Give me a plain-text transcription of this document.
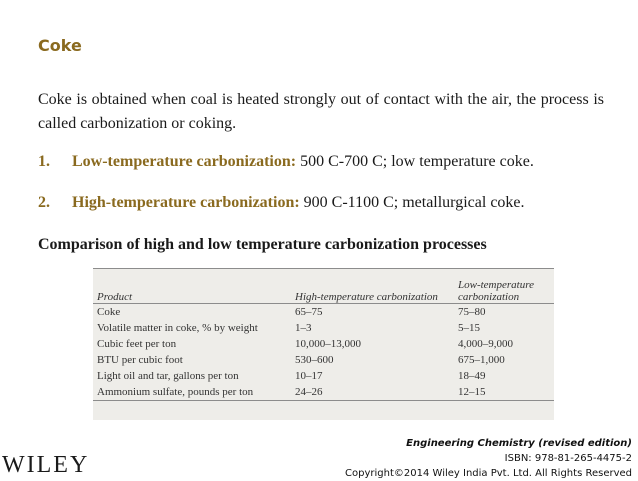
Coke
Coke is obtained when coal is heated strongly out of contact with the air, the process is called carbonization or coking.
1. Low-temperature carbonization: 500 C-700 C; low temperature coke.
2. High-temperature carbonization: 900 C-1100 C; metallurgical coke.
Comparison of high and low temperature carbonization processes
Product	High-temperature carbonization	Low-temperature carbonization
Coke	65–75	75–80
Volatile matter in coke, % by weight	1–3	5–15
Cubic feet per ton	10,000–13,000	4,000–9,000
BTU per cubic foot	530–600	675–1,000
Light oil and tar, gallons per ton	10–17	18–49
Ammonium sulfate, pounds per ton	24–26	12–15
WILEY
Engineering Chemistry (revised edition)
ISBN: 978-81-265-4475-2
Copyright©2014 Wiley India Pvt. Ltd. All Rights Reserved
